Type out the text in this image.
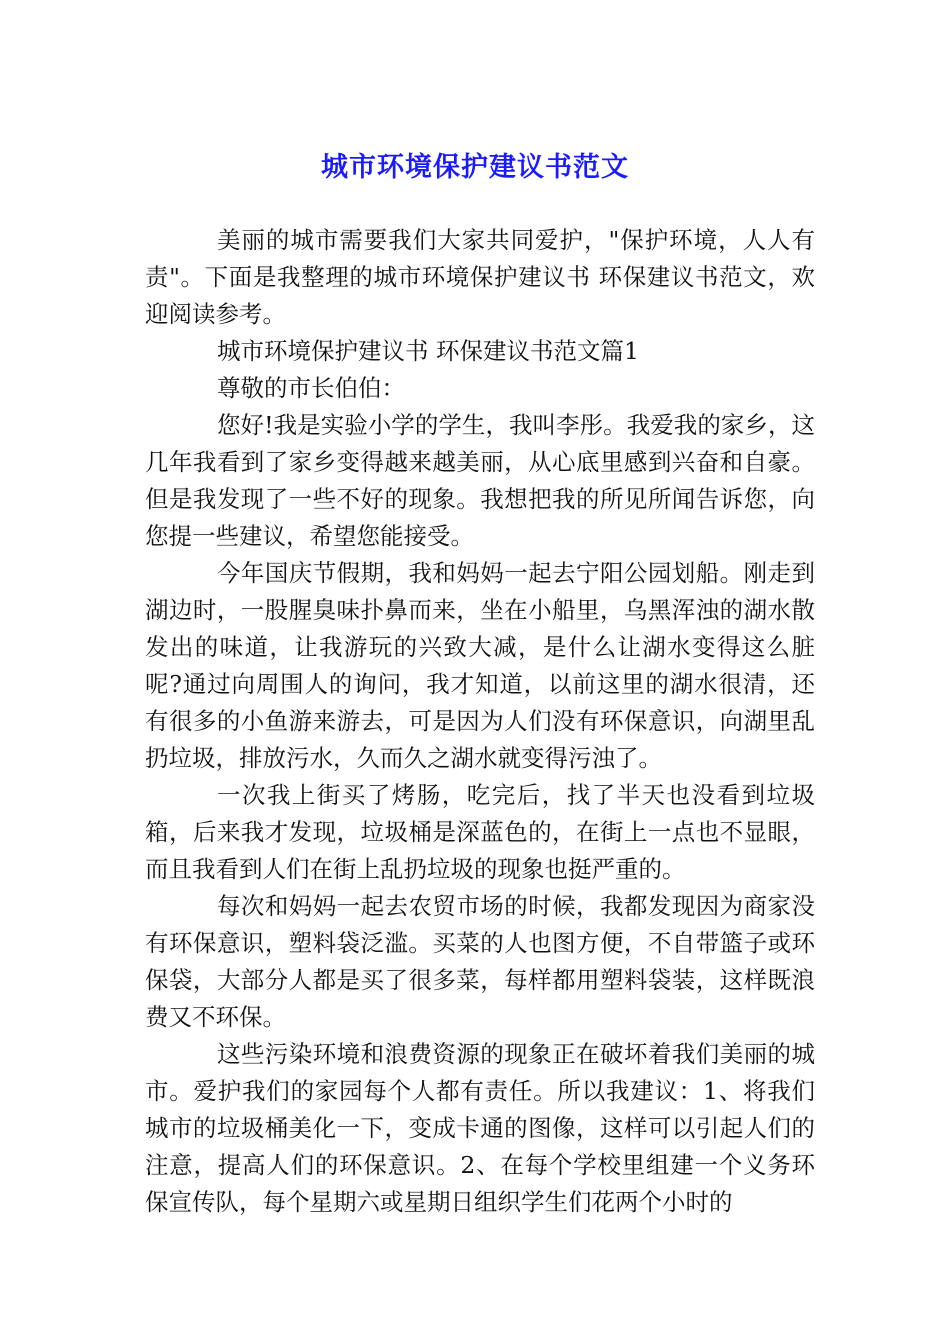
城市环境保护建议书范文

美丽的城市需要我们大家共同爱护，"保护环境，人人有责"。下面是我整理的城市环境保护建议书 环保建议书范文，欢迎阅读参考。

城市环境保护建议书 环保建议书范文篇1

尊敬的市长伯伯：

您好!我是实验小学的学生，我叫李彤。我爱我的家乡，这几年我看到了家乡变得越来越美丽，从心底里感到兴奋和自豪。但是我发现了一些不好的现象。我想把我的所见所闻告诉您，向您提一些建议，希望您能接受。

今年国庆节假期，我和妈妈一起去宁阳公园划船。刚走到湖边时，一股腥臭味扑鼻而来，坐在小船里，乌黑浑浊的湖水散发出的味道，让我游玩的兴致大减，是什么让湖水变得这么脏呢?通过向周围人的询问，我才知道，以前这里的湖水很清，还有很多的小鱼游来游去，可是因为人们没有环保意识，向湖里乱扔垃圾，排放污水，久而久之湖水就变得污浊了。

一次我上街买了烤肠，吃完后，找了半天也没看到垃圾箱，后来我才发现，垃圾桶是深蓝色的，在街上一点也不显眼，而且我看到人们在街上乱扔垃圾的现象也挺严重的。

每次和妈妈一起去农贸市场的时候，我都发现因为商家没有环保意识，塑料袋泛滥。买菜的人也图方便，不自带篮子或环保袋，大部分人都是买了很多菜，每样都用塑料袋装，这样既浪费又不环保。

这些污染环境和浪费资源的现象正在破坏着我们美丽的城市。爱护我们的家园每个人都有责任。所以我建议：1、将我们城市的垃圾桶美化一下，变成卡通的图像，这样可以引起人们的注意，提高人们的环保意识。2、在每个学校里组建一个义务环保宣传队，每个星期六或星期日组织学生们花两个小时的
